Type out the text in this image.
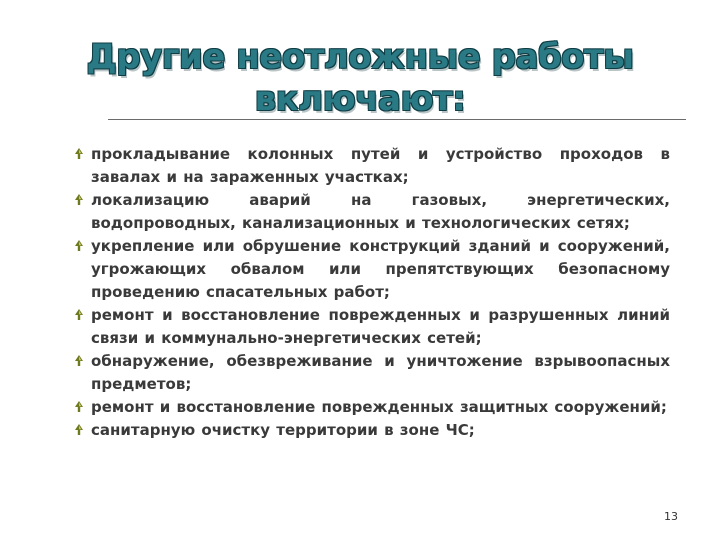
Другие неотложные работы
включают:
прокладывание колонных путей и устройство проходов в завалах и на зараженных участках;
локализацию аварий на газовых, энергетических, водопроводных, канализационных и технологических сетях;
укрепление или обрушение конструкций зданий и сооружений, угрожающих обвалом или препятствующих безопасному проведению спасательных работ;
ремонт и восстановление поврежденных и разрушенных линий связи и коммунально-энергетических сетей;
обнаружение, обезвреживание и уничтожение взрывоопасных предметов;
ремонт и восстановление поврежденных защитных сооружений;
санитарную очистку территории в зоне ЧС;
13
